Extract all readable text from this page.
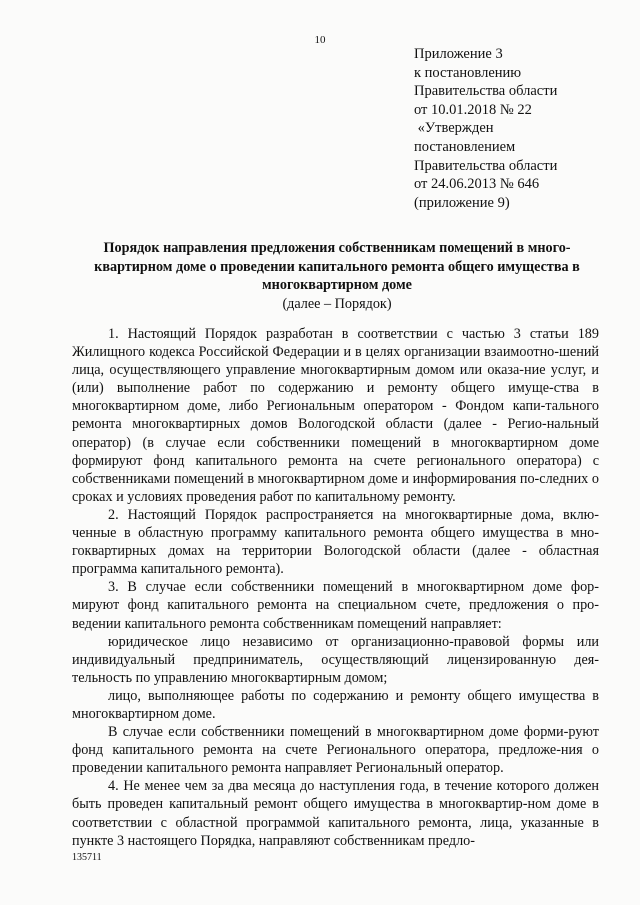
10
Приложение 3
к постановлению
Правительства области
от 10.01.2018 № 22
«Утвержден
постановлением
Правительства области
от 24.06.2013 № 646
(приложение 9)
Порядок направления предложения собственникам помещений в много-
квартирном доме о проведении капитального ремонта общего имущества в
многоквартирном доме
(далее – Порядок)

1. Настоящий Порядок разработан в соответствии с частью 3 статьи 189 Жилищного кодекса Российской Федерации и в целях организации взаимоотно-шений лица, осуществляющего управление многоквартирным домом или оказа-ние услуг, и (или) выполнение работ по содержанию и ремонту общего имуще-ства в многоквартирном доме, либо Региональным оператором - Фондом капи-тального ремонта многоквартирных домов Вологодской области (далее - Регио-нальный оператор) (в случае если собственники помещений в многоквартирном доме формируют фонд капитального ремонта на счете регионального оператора) с собственниками помещений в многоквартирном доме и информирования по-следних о сроках и условиях проведения работ по капитальному ремонту.

2. Настоящий Порядок распространяется на многоквартирные дома, вклю-ченные в областную программу капитального ремонта общего имущества в мно-гоквартирных домах на территории Вологодской области (далее - областная программа капитального ремонта).

3. В случае если собственники помещений в многоквартирном доме фор-мируют фонд капитального ремонта на специальном счете, предложения о про-ведении капитального ремонта собственникам помещений направляет:

юридическое лицо независимо от организационно-правовой формы или индивидуальный предприниматель, осуществляющий лицензированную дея-тельность по управлению многоквартирным домом;

лицо, выполняющее работы по содержанию и ремонту общего имущества в многоквартирном доме.

В случае если собственники помещений в многоквартирном доме форми-руют фонд капитального ремонта на счете Регионального оператора, предложе-ния о проведении капитального ремонта направляет Региональный оператор.

4. Не менее чем за два месяца до наступления года, в течение которого должен быть проведен капитальный ремонт общего имущества в многоквартир-ном доме в соответствии с областной программой капитального ремонта, лица, указанные в пункте 3 настоящего Порядка, направляют собственникам предло-

135711
